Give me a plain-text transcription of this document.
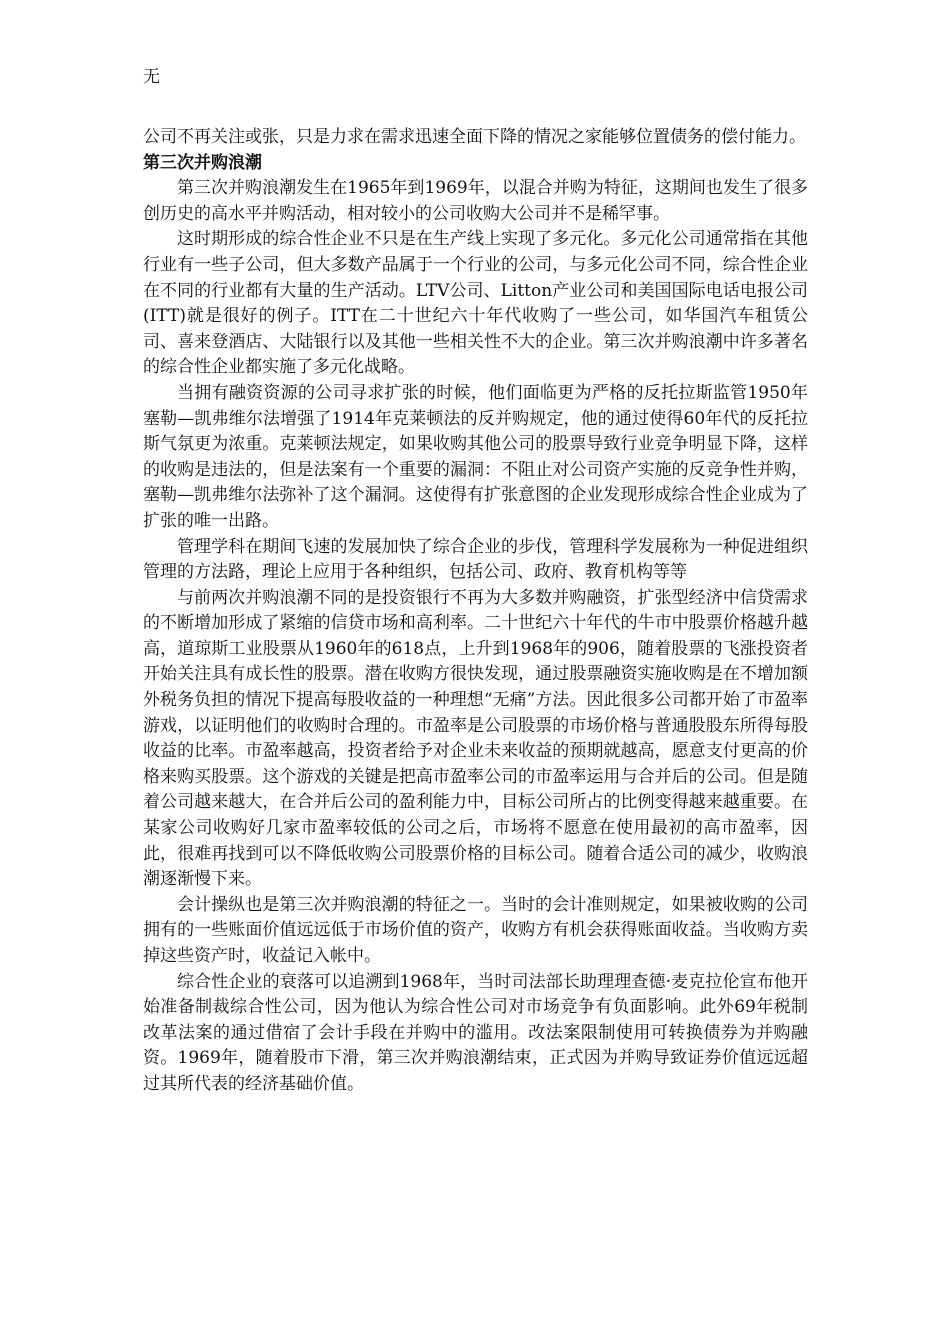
无

公司不再关注或张，只是力求在需求迅速全面下降的情况之家能够位置债务的偿付能力。

第三次并购浪潮

第三次并购浪潮发生在1965年到1969年，以混合并购为特征，这期间也发生了很多创历史的高水平并购活动，相对较小的公司收购大公司并不是稀罕事。

这时期形成的综合性企业不只是在生产线上实现了多元化。多元化公司通常指在其他行业有一些子公司，但大多数产品属于一个行业的公司，与多元化公司不同，综合性企业在不同的行业都有大量的生产活动。LTV公司、Litton产业公司和美国国际电话电报公司(ITT)就是很好的例子。ITT在二十世纪六十年代收购了一些公司，如华国汽车租赁公司、喜来登酒店、大陆银行以及其他一些相关性不大的企业。第三次并购浪潮中许多著名的综合性企业都实施了多元化战略。

当拥有融资资源的公司寻求扩张的时候，他们面临更为严格的反托拉斯监管1950年塞勒—凯弗维尔法增强了1914年克莱顿法的反并购规定，他的通过使得60年代的反托拉斯气氛更为浓重。克莱顿法规定，如果收购其他公司的股票导致行业竞争明显下降，这样的收购是违法的，但是法案有一个重要的漏洞：不阻止对公司资产实施的反竞争性并购，塞勒—凯弗维尔法弥补了这个漏洞。这使得有扩张意图的企业发现形成综合性企业成为了扩张的唯一出路。

管理学科在期间飞速的发展加快了综合企业的步伐，管理科学发展称为一种促进组织管理的方法路，理论上应用于各种组织，包括公司、政府、教育机构等等

与前两次并购浪潮不同的是投资银行不再为大多数并购融资，扩张型经济中信贷需求的不断增加形成了紧缩的信贷市场和高利率。二十世纪六十年代的牛市中股票价格越升越高，道琼斯工业股票从1960年的618点，上升到1968年的906，随着股票的飞涨投资者开始关注具有成长性的股票。潜在收购方很快发现，通过股票融资实施收购是在不增加额外税务负担的情况下提高每股收益的一种理想“无痛”方法。因此很多公司都开始了市盈率游戏，以证明他们的收购时合理的。市盈率是公司股票的市场价格与普通股股东所得每股收益的比率。市盈率越高，投资者给予对企业未来收益的预期就越高，愿意支付更高的价格来购买股票。这个游戏的关键是把高市盈率公司的市盈率运用与合并后的公司。但是随着公司越来越大，在合并后公司的盈利能力中，目标公司所占的比例变得越来越重要。在某家公司收购好几家市盈率较低的公司之后，市场将不愿意在使用最初的高市盈率，因此，很难再找到可以不降低收购公司股票价格的目标公司。随着合适公司的减少，收购浪潮逐渐慢下来。

会计操纵也是第三次并购浪潮的特征之一。当时的会计准则规定，如果被收购的公司拥有的一些账面价值远远低于市场价值的资产，收购方有机会获得账面收益。当收购方卖掉这些资产时，收益记入帐中。

综合性企业的衰落可以追溯到1968年，当时司法部长助理理查德·麦克拉伦宣布他开始准备制裁综合性公司，因为他认为综合性公司对市场竞争有负面影响。此外69年税制改革法案的通过借宿了会计手段在并购中的滥用。改法案限制使用可转换债券为并购融资。1969年，随着股市下滑，第三次并购浪潮结束，正式因为并购导致证券价值远远超过其所代表的经济基础价值。
